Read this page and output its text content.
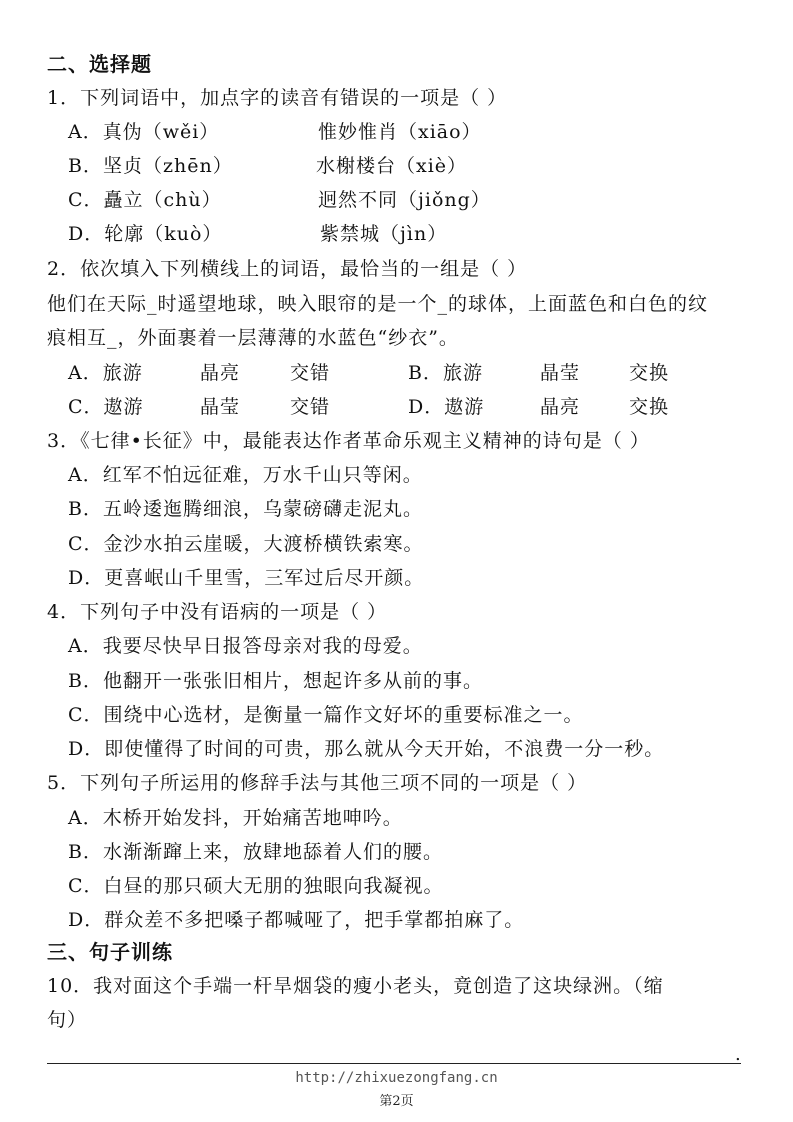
二、选择题
1．下列词语中，加点字的读音有错误的一项是（ ）
A．真伪（wěi）	惟妙惟肖（xiāo）
B．坚贞（zhēn）	水榭楼台（xiè）
C．矗立（chù）	迥然不同（jiǒng）
D．轮廓（kuò）	紫禁城（jìn）
2．依次填入下列横线上的词语，最恰当的一组是（ ）
他们在天际_时遥望地球，映入眼帘的是一个_的球体，上面蓝色和白色的纹
痕相互_，外面裹着一层薄薄的水蓝色“纱衣”。
A．旅游	晶亮	交错	B．旅游	晶莹	交换
C．遨游	晶莹	交错	D．遨游	晶亮	交换
3．《七律•长征》中，最能表达作者革命乐观主义精神的诗句是（ ）
A．红军不怕远征难，万水千山只等闲。
B．五岭逶迤腾细浪，乌蒙磅礴走泥丸。
C．金沙水拍云崖暖，大渡桥横铁索寒。
D．更喜岷山千里雪，三军过后尽开颜。
4．下列句子中没有语病的一项是（ ）
A．我要尽快早日报答母亲对我的母爱。
B．他翻开一张张旧相片，想起许多从前的事。
C．围绕中心选材，是衡量一篇作文好坏的重要标准之一。
D．即使懂得了时间的可贵，那么就从今天开始，不浪费一分一秒。
5．下列句子所运用的修辞手法与其他三项不同的一项是（ ）
A．木桥开始发抖，开始痛苦地呻吟。
B．水渐渐蹿上来，放肆地舔着人们的腰。
C．白昼的那只硕大无朋的独眼向我凝视。
D．群众差不多把嗓子都喊哑了，把手掌都拍麻了。
三、句子训练
10．我对面这个手端一杆旱烟袋的瘦小老头，竟创造了这块绿洲。（缩
句）
.
http://zhixuezongfang.cn
第2页
